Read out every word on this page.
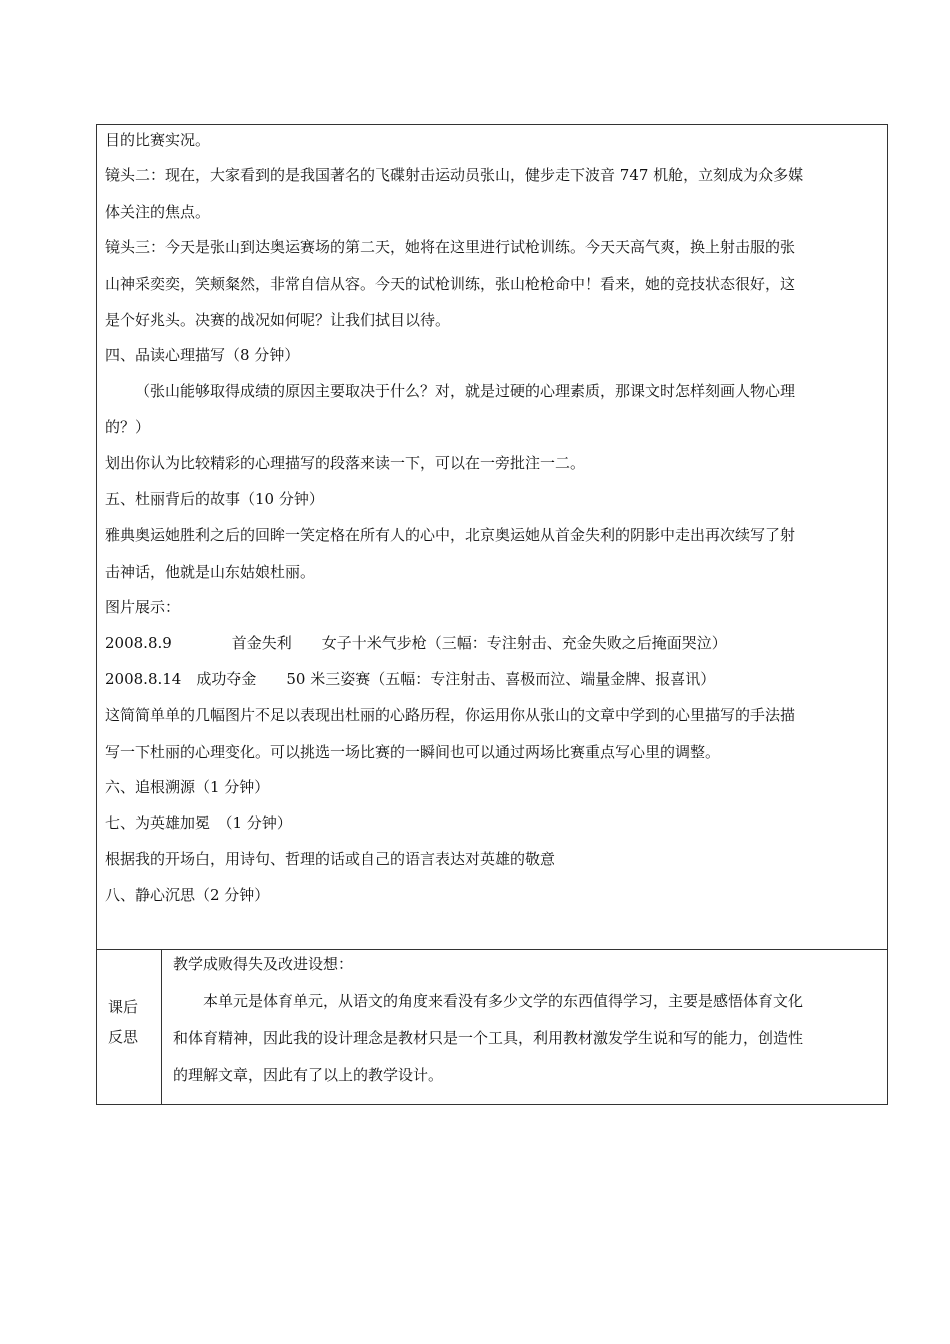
目的比赛实况。
镜头二：现在，大家看到的是我国著名的飞碟射击运动员张山，健步走下波音 747 机舱，立刻成为众多媒
体关注的焦点。
镜头三：今天是张山到达奥运赛场的第二天，她将在这里进行试枪训练。今天天高气爽，换上射击服的张
山神采奕奕，笑颊粲然，非常自信从容。今天的试枪训练，张山枪枪命中！看来，她的竞技状态很好，这
是个好兆头。决赛的战况如何呢？让我们拭目以待。
四、品读心理描写（8 分钟）
（张山能够取得成绩的原因主要取决于什么？对，就是过硬的心理素质，那课文时怎样刻画人物心理
的？）
划出你认为比较精彩的心理描写的段落来读一下，可以在一旁批注一二。
五、杜丽背后的故事（10 分钟）
雅典奥运她胜利之后的回眸一笑定格在所有人的心中，北京奥运她从首金失利的阴影中走出再次续写了射
击神话，他就是山东姑娘杜丽。
图片展示：
2008.8.9　　　　首金失利　　女子十米气步枪（三幅：专注射击、充金失败之后掩面哭泣）
2008.8.14　成功夺金　　50 米三姿赛（五幅：专注射击、喜极而泣、端量金牌、报喜讯）
这简简单单的几幅图片不足以表现出杜丽的心路历程，你运用你从张山的文章中学到的心里描写的手法描
写一下杜丽的心理变化。可以挑选一场比赛的一瞬间也可以通过两场比赛重点写心里的调整。
六、追根溯源（1 分钟）
七、为英雄加冕　（1 分钟）
根据我的开场白，用诗句、哲理的话或自己的语言表达对英雄的敬意
八、静心沉思（2 分钟）
课后
反思
教学成败得失及改进设想：
本单元是体育单元，从语文的角度来看没有多少文学的东西值得学习，主要是感悟体育文化
和体育精神，因此我的设计理念是教材只是一个工具，利用教材激发学生说和写的能力，创造性
的理解文章，因此有了以上的教学设计。
